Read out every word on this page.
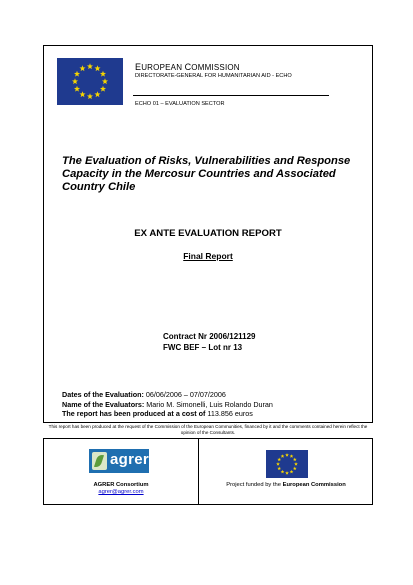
EUROPEAN COMMISSION
DIRECTORATE-GENERAL FOR HUMANITARIAN AID - ECHO
ECHO 01 – EVALUATION SECTOR
The Evaluation of Risks, Vulnerabilities and Response Capacity in the Mercosur Countries and Associated Country Chile
EX ANTE EVALUATION REPORT
Final Report
Contract Nr 2006/121129
FWC BEF – Lot nr 13
Dates of the Evaluation: 06/06/2006 – 07/07/2006
Name of the Evaluators: Mario M. Simonelli, Luis Rolando Duran
The report has been produced at a cost of 113.856 euros
This report has been produced at the request of the Commission of the European Communities, financed by it and the comments contained herein reflect the opinion of the Consultants.
agrer
AGRER Consortium
agrer@agrer.com
Project funded by the European Commission
